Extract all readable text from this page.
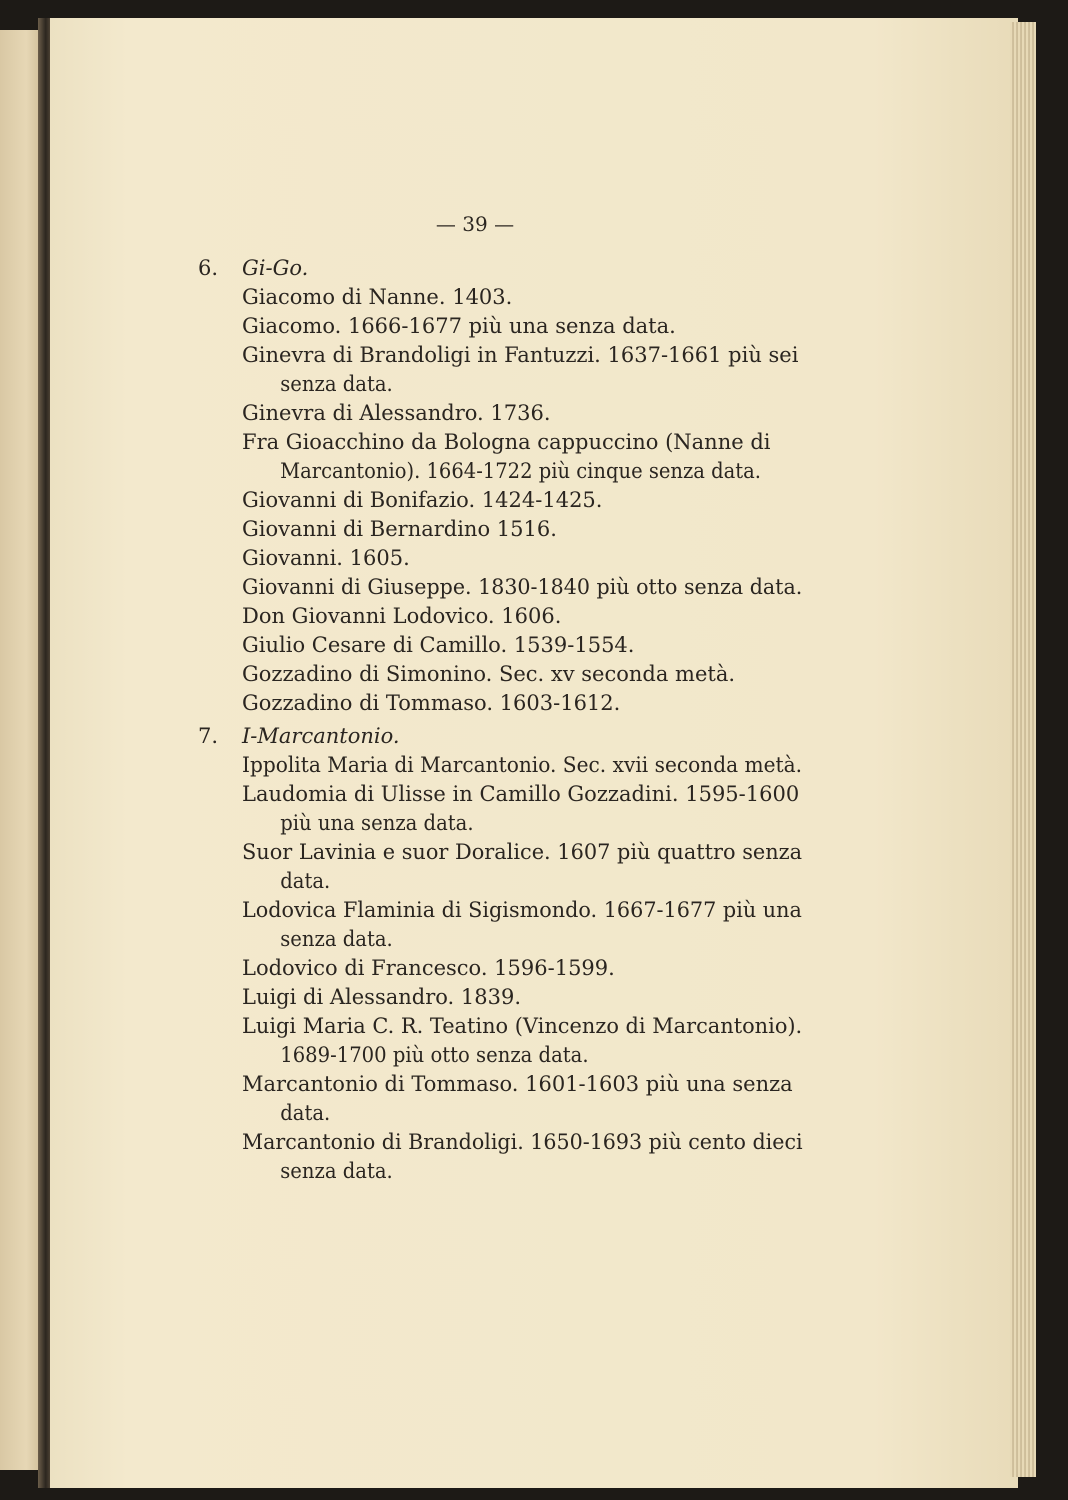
— 39 —
6.	Gi-Go.
Giacomo di Nanne. 1403.
Giacomo. 1666-1677 più una senza data.
Ginevra di Brandoligi in Fantuzzi. 1637-1661 più sei
senza data.
Ginevra di Alessandro. 1736.
Fra Gioacchino da Bologna cappuccino (Nanne di
Marcantonio). 1664-1722 più cinque senza data.
Giovanni di Bonifazio. 1424-1425.
Giovanni di Bernardino 1516.
Giovanni. 1605.
Giovanni di Giuseppe. 1830-1840 più otto senza data.
Don Giovanni Lodovico. 1606.
Giulio Cesare di Camillo. 1539-1554.
Gozzadino di Simonino. Sec. xv seconda metà.
Gozzadino di Tommaso. 1603-1612.
7.	I-Marcantonio.
Ippolita Maria di Marcantonio. Sec. xvii seconda metà.
Laudomia di Ulisse in Camillo Gozzadini. 1595-1600
più una senza data.
Suor Lavinia e suor Doralice. 1607 più quattro senzadata.
Lodovica Flaminia di Sigismondo. 1667-1677 più unasenza data.
Lodovico di Francesco. 1596-1599.
Luigi di Alessandro. 1839.
Luigi Maria C. R. Teatino (Vincenzo di Marcantonio).1689-1700 più otto senza data.
Marcantonio di Tommaso. 1601-1603 più una senza
data.
Marcantonio di Brandoligi. 1650-1693 più cento diecisenza data.
